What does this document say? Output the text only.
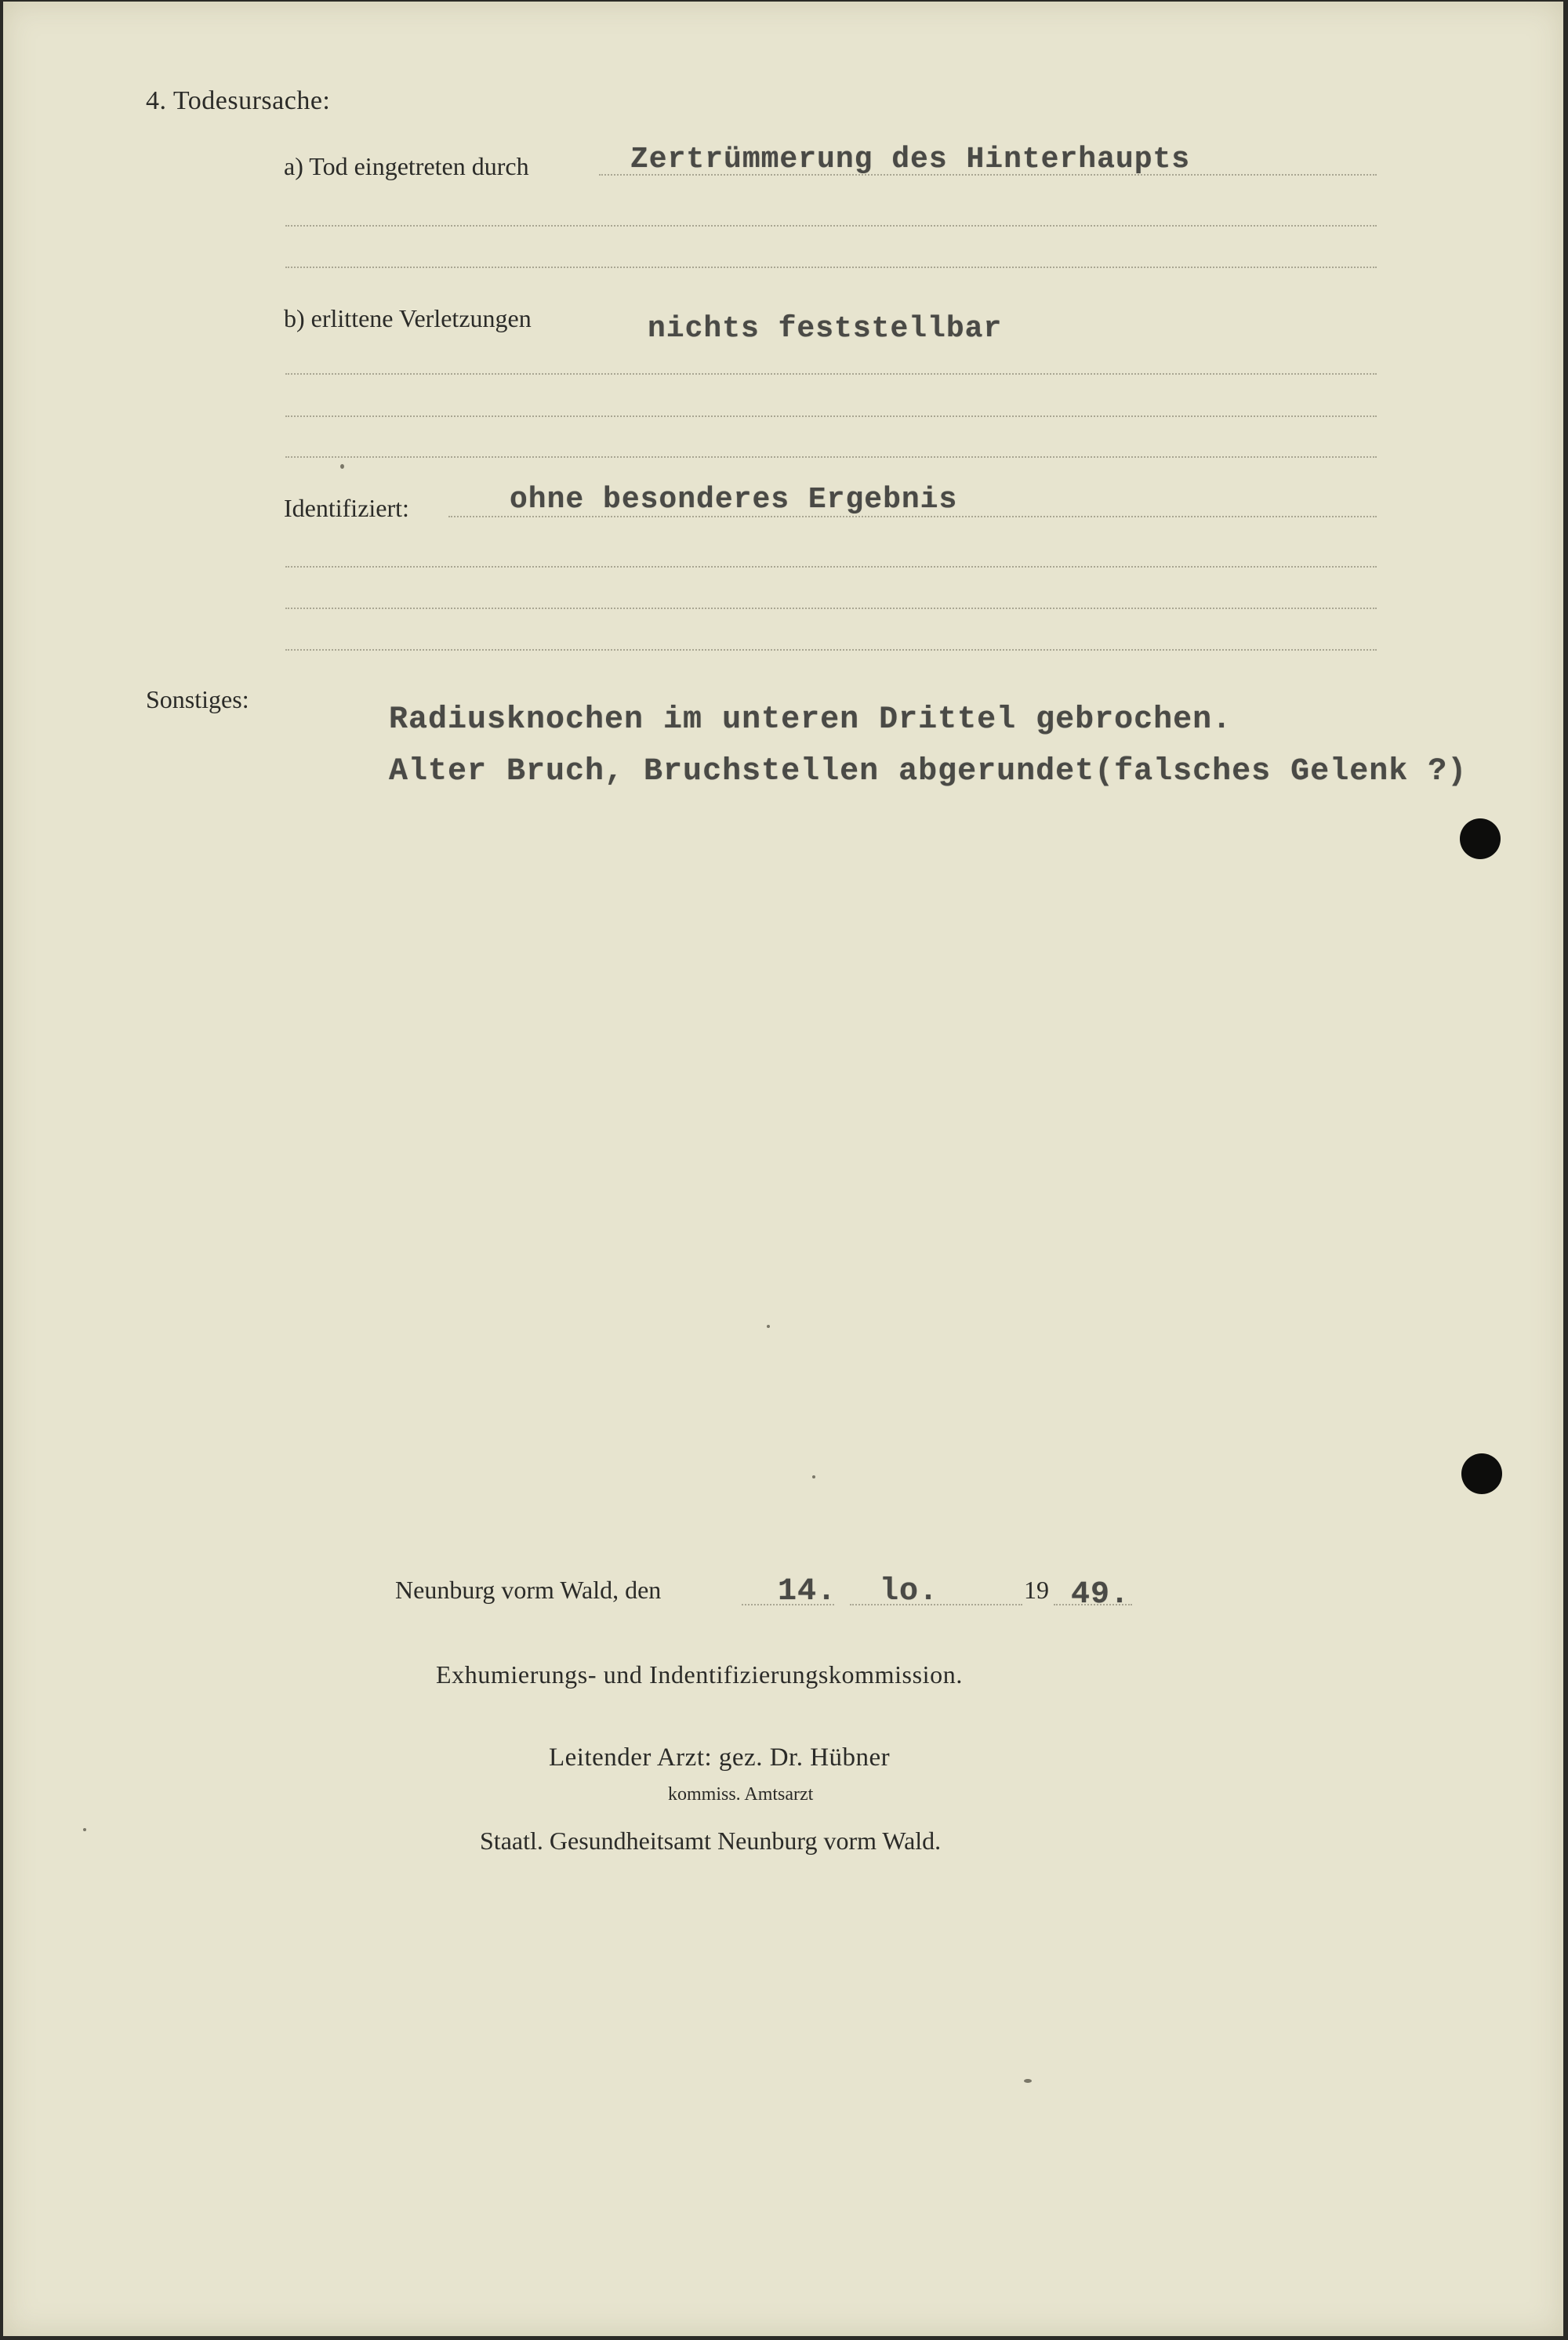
4. Todesursache:
a) Tod eingetreten durch	Zertrümmerung des Hinterhaupts
b) erlittene Verletzungen	nichts feststellbar
Identifiziert:	ohne besonderes Ergebnis
Sonstiges:
Radiusknochen im unteren Drittel gebrochen.
Alter Bruch, Bruchstellen abgerundet(falsches Gelenk ?)
Neunburg vorm Wald, den	14. lo.	19 49.
Exhumierungs- und Indentifizierungskommission.
Leitender Arzt: gez. Dr. Hübner
kommiss. Amtsarzt
Staatl. Gesundheitsamt Neunburg vorm Wald.
